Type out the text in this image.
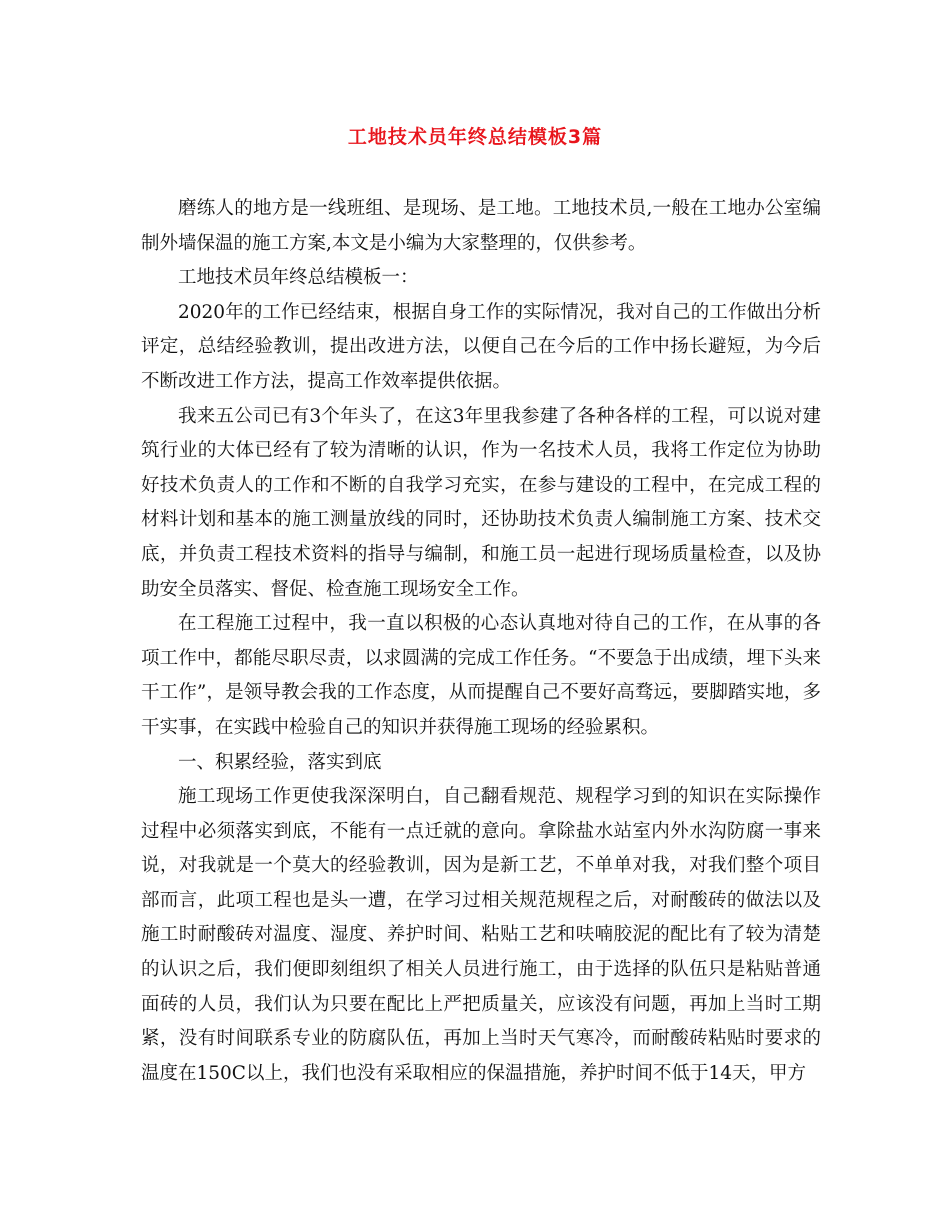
工地技术员年终总结模板3篇

磨练人的地方是一线班组、是现场、是工地。工地技术员,一般在工地办公室编制外墙保温的施工方案,本文是小编为大家整理的，仅供参考。

工地技术员年终总结模板一：

2020年的工作已经结束，根据自身工作的实际情况，我对自己的工作做出分析评定，总结经验教训，提出改进方法，以便自己在今后的工作中扬长避短，为今后不断改进工作方法，提高工作效率提供依据。

我来五公司已有3个年头了，在这3年里我参建了各种各样的工程，可以说对建筑行业的大体已经有了较为清晰的认识，作为一名技术人员，我将工作定位为协助好技术负责人的工作和不断的自我学习充实，在参与建设的工程中，在完成工程的材料计划和基本的施工测量放线的同时，还协助技术负责人编制施工方案、技术交底，并负责工程技术资料的指导与编制，和施工员一起进行现场质量检查，以及协助安全员落实、督促、检查施工现场安全工作。

在工程施工过程中，我一直以积极的心态认真地对待自己的工作，在从事的各项工作中，都能尽职尽责，以求圆满的完成工作任务。“不要急于出成绩，埋下头来干工作”，是领导教会我的工作态度，从而提醒自己不要好高骛远，要脚踏实地，多干实事，在实践中检验自己的知识并获得施工现场的经验累积。

一、积累经验，落实到底

施工现场工作更使我深深明白，自己翻看规范、规程学习到的知识在实际操作过程中必须落实到底，不能有一点迁就的意向。拿除盐水站室内外水沟防腐一事来说，对我就是一个莫大的经验教训，因为是新工艺，不单单对我，对我们整个项目部而言，此项工程也是头一遭，在学习过相关规范规程之后，对耐酸砖的做法以及施工时耐酸砖对温度、湿度、养护时间、粘贴工艺和呋喃胶泥的配比有了较为清楚的认识之后，我们便即刻组织了相关人员进行施工，由于选择的队伍只是粘贴普通面砖的人员，我们认为只要在配比上严把质量关，应该没有问题，再加上当时工期紧，没有时间联系专业的防腐队伍，再加上当时天气寒冷，而耐酸砖粘贴时要求的温度在150C以上，我们也没有采取相应的保温措施，养护时间不低于14天，甲方
